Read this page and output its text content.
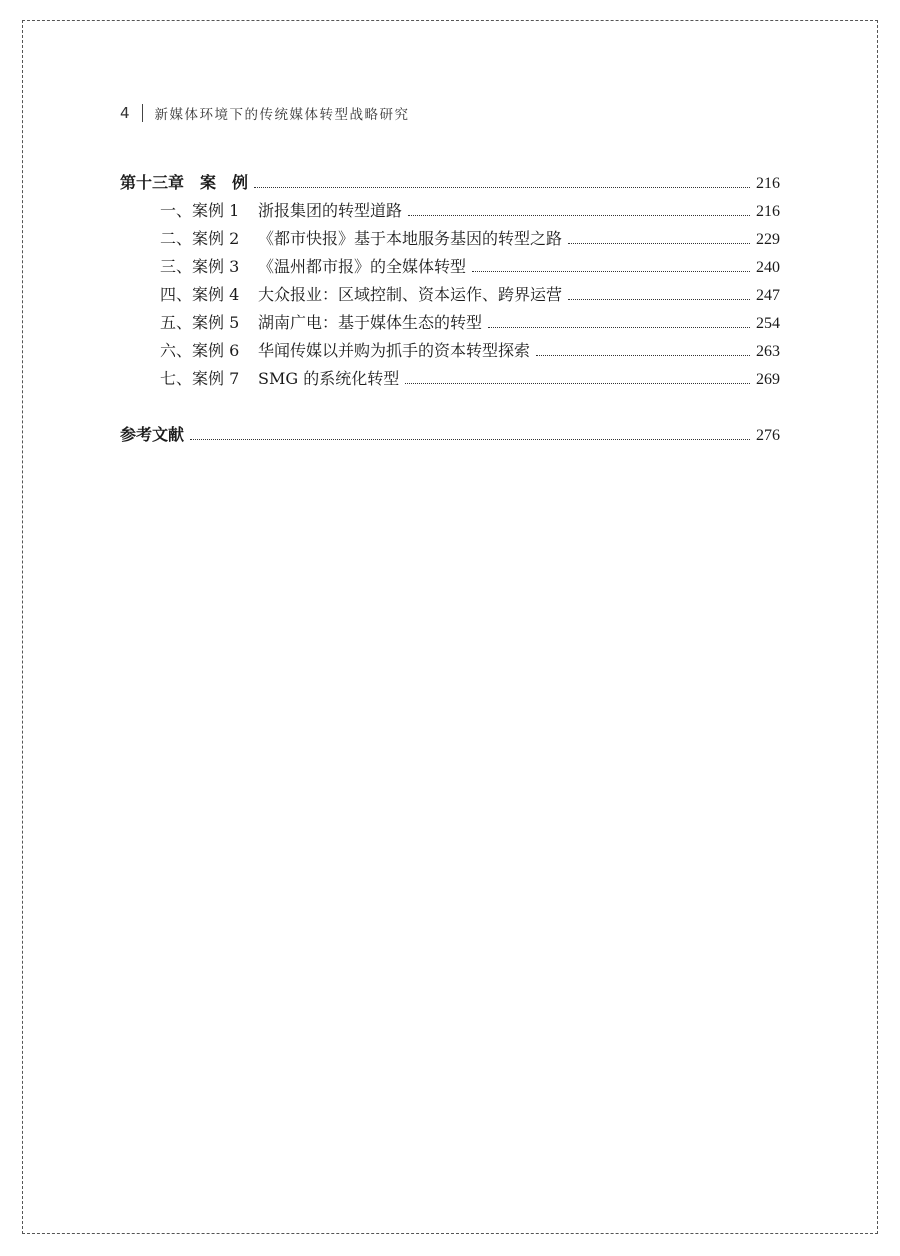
4 新媒体环境下的传统媒体转型战略研究
第十三章 案　例	216
一、案例 1 浙报集团的转型道路	216
二、案例 2 《都市快报》基于本地服务基因的转型之路	229
三、案例 3 《温州都市报》的全媒体转型	240
四、案例 4 大众报业：区域控制、资本运作、跨界运营	247
五、案例 5 湖南广电：基于媒体生态的转型	254
六、案例 6 华闻传媒以并购为抓手的资本转型探索	263
七、案例 7 SMG 的系统化转型	269
参考文献	276
